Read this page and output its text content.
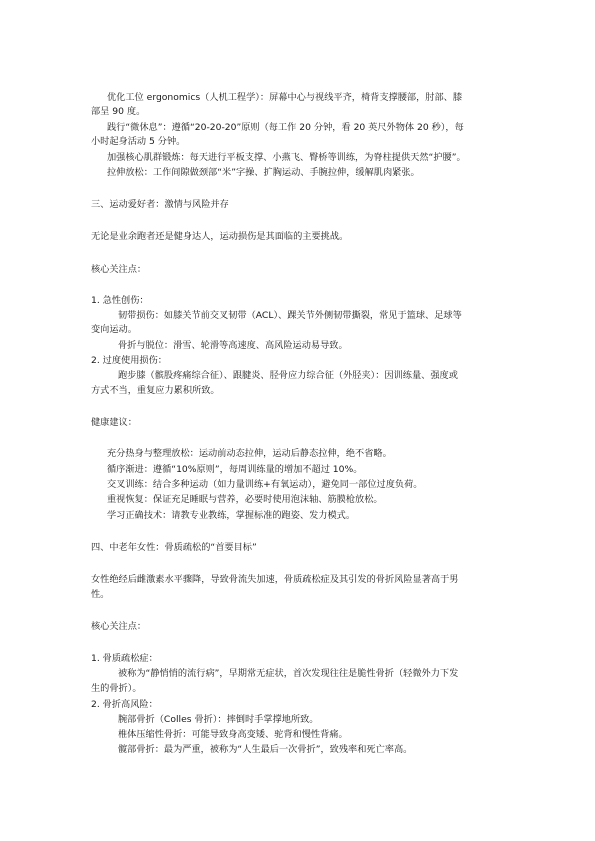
优化工位 ergonomics（人机工程学）：屏幕中心与视线平齐，椅背支撑腰部，肘部、膝
部呈 90 度。
践行“微休息”：遵循“20-20-20”原则（每工作 20 分钟，看 20 英尺外物体 20 秒），每
小时起身活动 5 分钟。
加强核心肌群锻炼：每天进行平板支撑、小燕飞、臀桥等训练，为脊柱提供天然“护腰”。
拉伸放松：工作间隙做颈部“米”字操、扩胸运动、手腕拉伸，缓解肌肉紧张。
三、运动爱好者：激情与风险并存
无论是业余跑者还是健身达人，运动损伤是其面临的主要挑战。
核心关注点：
1. 急性创伤：
韧带损伤：如膝关节前交叉韧带（ACL）、踝关节外侧韧带撕裂，常见于篮球、足球等
变向运动。
骨折与脱位：滑雪、轮滑等高速度、高风险运动易导致。
2. 过度使用损伤：
跑步膝（髌股疼痛综合征）、跟腱炎、胫骨应力综合征（外胫夹）：因训练量、强度或
方式不当，重复应力累积所致。
健康建议：
充分热身与整理放松：运动前动态拉伸，运动后静态拉伸，绝不省略。
循序渐进：遵循“10%原则”，每周训练量的增加不超过 10%。
交叉训练：结合多种运动（如力量训练+有氧运动），避免同一部位过度负荷。
重视恢复：保证充足睡眠与营养，必要时使用泡沫轴、筋膜枪放松。
学习正确技术：请教专业教练，掌握标准的跑姿、发力模式。
四、中老年女性：骨质疏松的“首要目标”
女性绝经后雌激素水平骤降，导致骨流失加速，骨质疏松症及其引发的骨折风险显著高于男
性。
核心关注点：
1. 骨质疏松症：
被称为“静悄悄的流行病”，早期常无症状，首次发现往往是脆性骨折（轻微外力下发
生的骨折）。
2. 骨折高风险：
腕部骨折（Colles 骨折）：摔倒时手掌撑地所致。
椎体压缩性骨折：可能导致身高变矮、驼背和慢性背痛。
髋部骨折：最为严重，被称为“人生最后一次骨折”，致残率和死亡率高。
